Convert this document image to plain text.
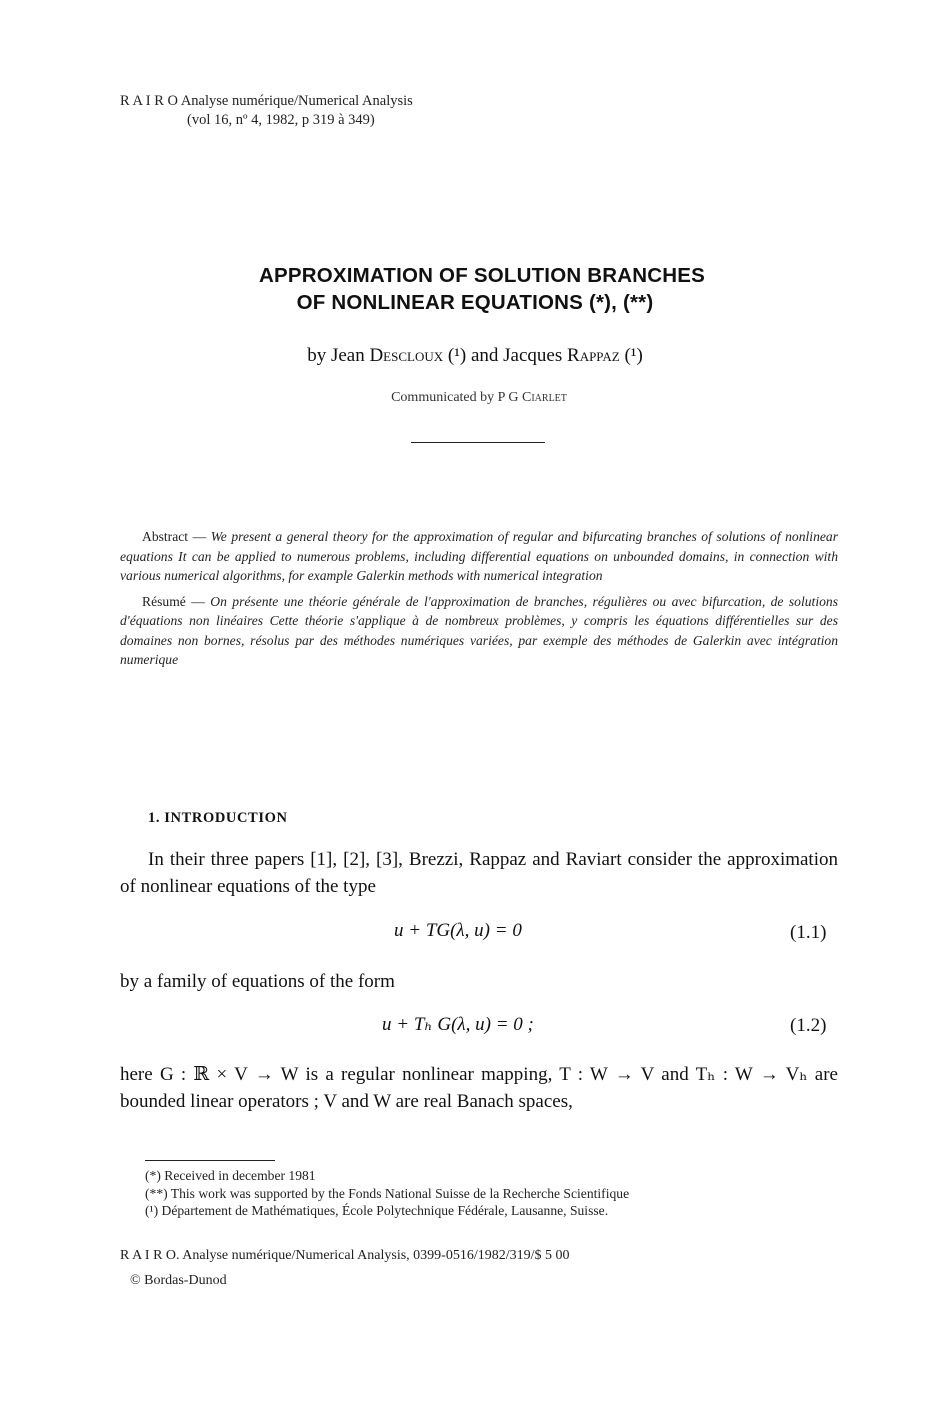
R A I R O Analyse numérique/Numerical Analysis
(vol 16, nº 4, 1982, p 319 à 349)
APPROXIMATION OF SOLUTION BRANCHES
OF NONLINEAR EQUATIONS (*), (**)
by Jean Descloux (¹) and Jacques Rappaz (¹)
Communicated by P G Ciarlet

Abstract — We present a general theory for the approximation of regular and bifurcating branches of solutions of nonlinear equations It can be applied to numerous problems, including differential equations on unbounded domains, in connection with various numerical algorithms, for example Galerkin methods with numerical integration

Résumé — On présente une théorie générale de l'approximation de branches, régulières ou avec bifurcation, de solutions d'équations non linéaires Cette théorie s'applique à de nombreux problèmes, y compris les équations différentielles sur des domaines non bornes, résolus par des méthodes numériques variées, par exemple des méthodes de Galerkin avec intégration numerique

1. INTRODUCTION
In their three papers [1], [2], [3], Brezzi, Rappaz and Raviart consider the approximation of nonlinear equations of the type
u + TG(λ, u) = 0	(1.1)
by a family of equations of the form
u + Tₕ G(λ, u) = 0 ;	(1.2)
here G : ℝ × V → W is a regular nonlinear mapping, T : W → V and Tₕ : W → Vₕ are bounded linear operators ; V and W are real Banach spaces,
(*) Received in december 1981
(**) This work was supported by the Fonds National Suisse de la Recherche Scientifique
(¹) Département de Mathématiques, École Polytechnique Fédérale, Lausanne, Suisse.
R A I R O. Analyse numérique/Numerical Analysis, 0399-0516/1982/319/$ 5 00
© Bordas-Dunod
